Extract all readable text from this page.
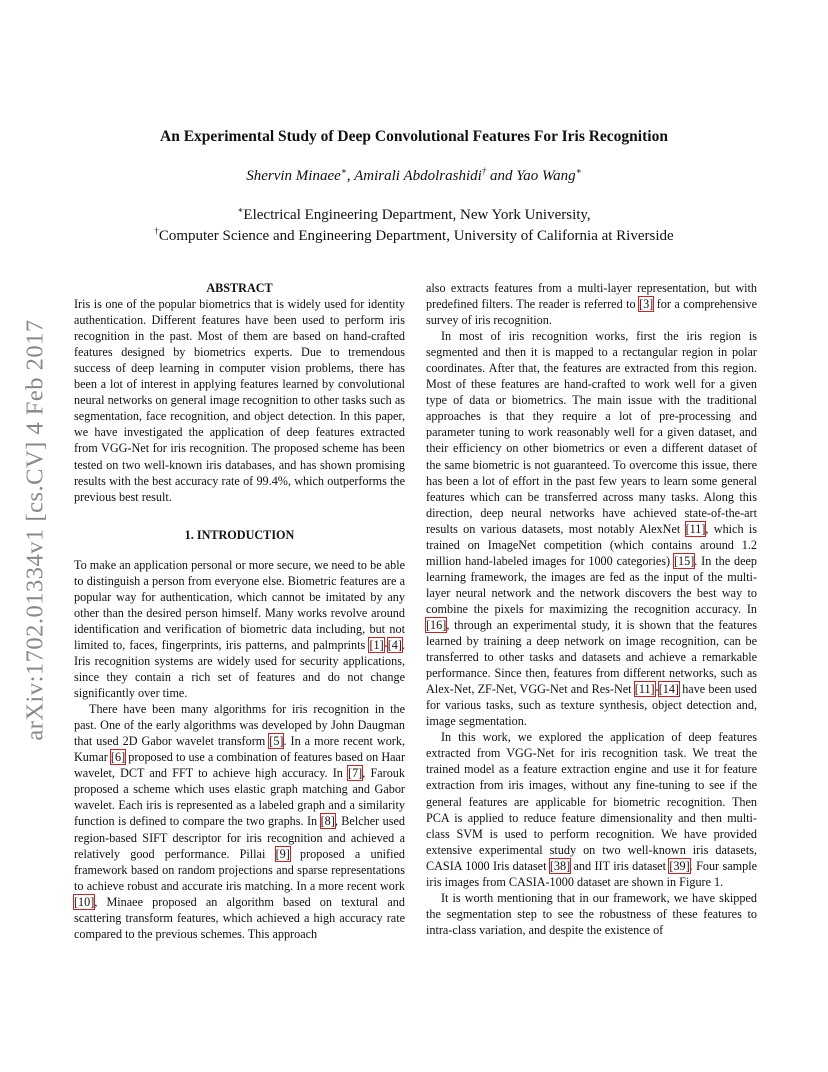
arXiv:1702.01334v1 [cs.CV] 4 Feb 2017
An Experimental Study of Deep Convolutional Features For Iris Recognition
Shervin Minaee∗, Amirali Abdolrashidi† and Yao Wang∗
∗Electrical Engineering Department, New York University,
†Computer Science and Engineering Department, University of California at Riverside
ABSTRACT

Iris is one of the popular biometrics that is widely used for identity authentication. Different features have been used to perform iris recognition in the past. Most of them are based on hand-crafted features designed by biometrics experts. Due to tremendous success of deep learning in computer vision problems, there has been a lot of interest in applying features learned by convolutional neural networks on general image recognition to other tasks such as segmentation, face recognition, and object detection. In this paper, we have investigated the application of deep features extracted from VGG-Net for iris recognition. The proposed scheme has been tested on two well-known iris databases, and has shown promising results with the best accuracy rate of 99.4%, which outperforms the previous best result.

1. INTRODUCTION

To make an application personal or more secure, we need to be able to distinguish a person from everyone else. Biometric features are a popular way for authentication, which cannot be imitated by any other than the desired person himself. Many works revolve around identification and verification of biometric data including, but not limited to, faces, fingerprints, iris patterns, and palmprints [1]-[4]. Iris recognition systems are widely used for security applications, since they contain a rich set of features and do not change significantly over time.

There have been many algorithms for iris recognition in the past. One of the early algorithms was developed by John Daugman that used 2D Gabor wavelet transform [5]. In a more recent work, Kumar [6] proposed to use a combination of features based on Haar wavelet, DCT and FFT to achieve high accuracy. In [7], Farouk proposed a scheme which uses elastic graph matching and Gabor wavelet. Each iris is represented as a labeled graph and a similarity function is defined to compare the two graphs. In [8], Belcher used region-based SIFT descriptor for iris recognition and achieved a relatively good performance. Pillai [9] proposed a unified framework based on random projections and sparse representations to achieve robust and accurate iris matching. In a more recent work [10], Minaee proposed an algorithm based on textural and scattering transform features, which achieved a high accuracy rate compared to the previous schemes. This approach

also extracts features from a multi-layer representation, but with predefined filters. The reader is referred to [3] for a comprehensive survey of iris recognition.

In most of iris recognition works, first the iris region is segmented and then it is mapped to a rectangular region in polar coordinates. After that, the features are extracted from this region. Most of these features are hand-crafted to work well for a given type of data or biometrics. The main issue with the traditional approaches is that they require a lot of pre-processing and parameter tuning to work reasonably well for a given dataset, and their efficiency on other biometrics or even a different dataset of the same biometric is not guaranteed. To overcome this issue, there has been a lot of effort in the past few years to learn some general features which can be transferred across many tasks. Along this direction, deep neural networks have achieved state-of-the-art results on various datasets, most notably AlexNet [11], which is trained on ImageNet competition (which contains around 1.2 million hand-labeled images for 1000 categories) [15]. In the deep learning framework, the images are fed as the input of the multi-layer neural network and the network discovers the best way to combine the pixels for maximizing the recognition accuracy. In [16], through an experimental study, it is shown that the features learned by training a deep network on image recognition, can be transferred to other tasks and datasets and achieve a remarkable performance. Since then, features from different networks, such as Alex-Net, ZF-Net, VGG-Net and Res-Net [11]-[14] have been used for various tasks, such as texture synthesis, object detection and, image segmentation.

In this work, we explored the application of deep features extracted from VGG-Net for iris recognition task. We treat the trained model as a feature extraction engine and use it for feature extraction from iris images, without any fine-tuning to see if the general features are applicable for biometric recognition. Then PCA is applied to reduce feature dimensionality and then multi-class SVM is used to perform recognition. We have provided extensive experimental study on two well-known iris datasets, CASIA 1000 Iris dataset [38] and IIT iris dataset [39]. Four sample iris images from CASIA-1000 dataset are shown in Figure 1.

It is worth mentioning that in our framework, we have skipped the segmentation step to see the robustness of these features to intra-class variation, and despite the existence of
